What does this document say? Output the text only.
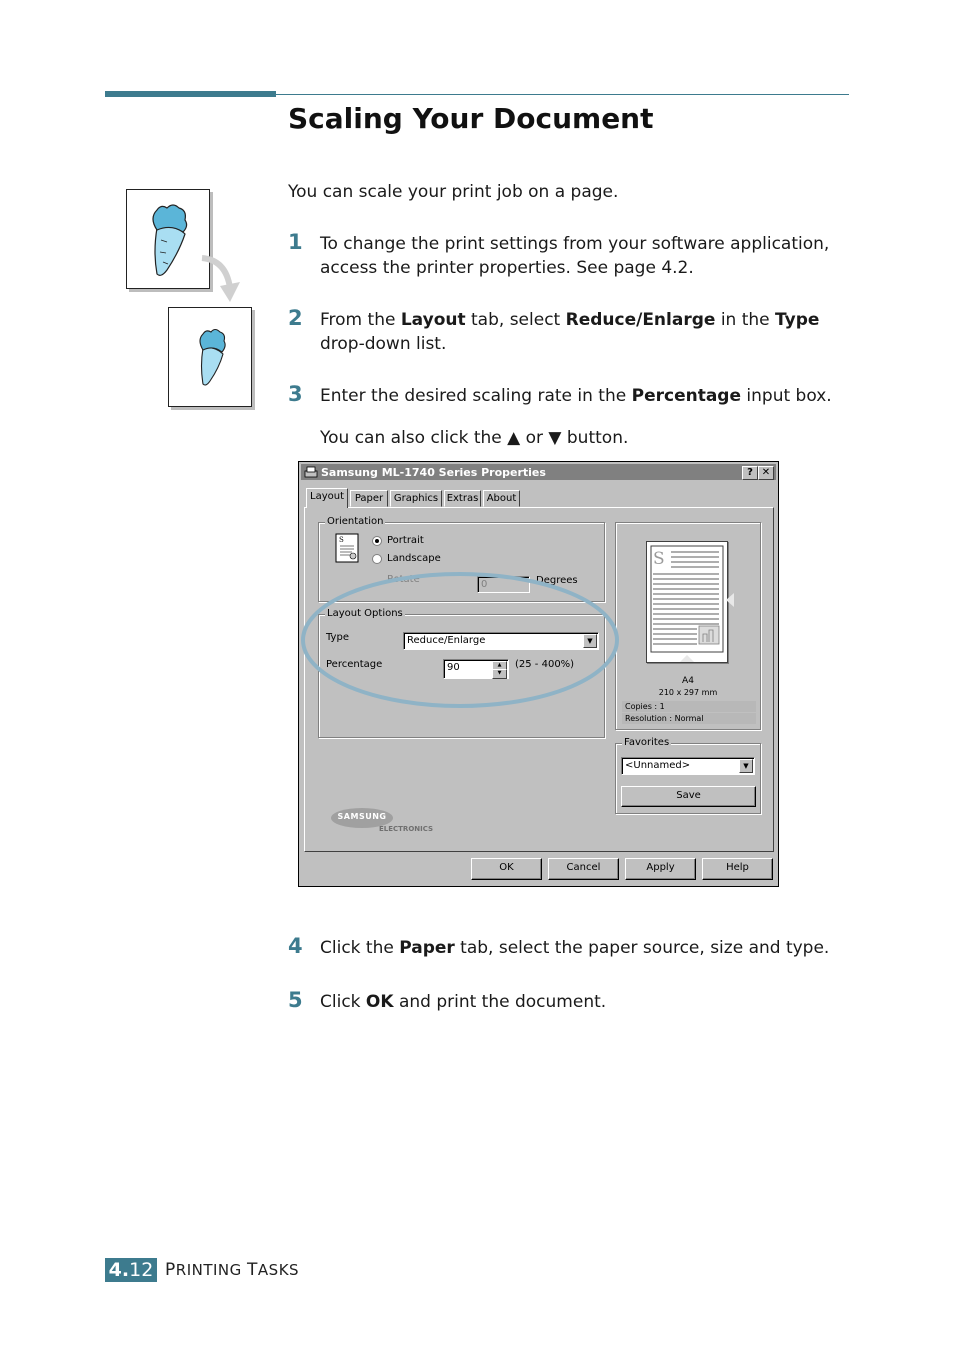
Scaling Your Document
You can scale your print job on a page.
1 To change the print settings from your software application, access the printer properties. See page 4.2.
2 From the Layout tab, select Reduce/Enlarge in the Type drop-down list.
3 Enter the desired scaling rate in the Percentage input box.
You can also click the ▲ or ▼ button.
Samsung ML-1740 Series Properties	? ✕
Layout	Paper	Graphics Extras About
Orientation
S	Portrait
Landscape
Rotate	0	Degrees
Layout Options
Type	Reduce/Enlarge	▼
Percentage	90	▲
▼
(25 - 400%)
S
A4
210 x 297 mm
Copies : 1
Resolution : Normal
Favorites
<Unnamed>	▼
Save
SAMSUNG
ELECTRONICS
OK	Cancel	Apply	Help
4 Click the Paper tab, select the paper source, size and type.
5 Click OK and print the document.
4.12 PRINTING TASKS
